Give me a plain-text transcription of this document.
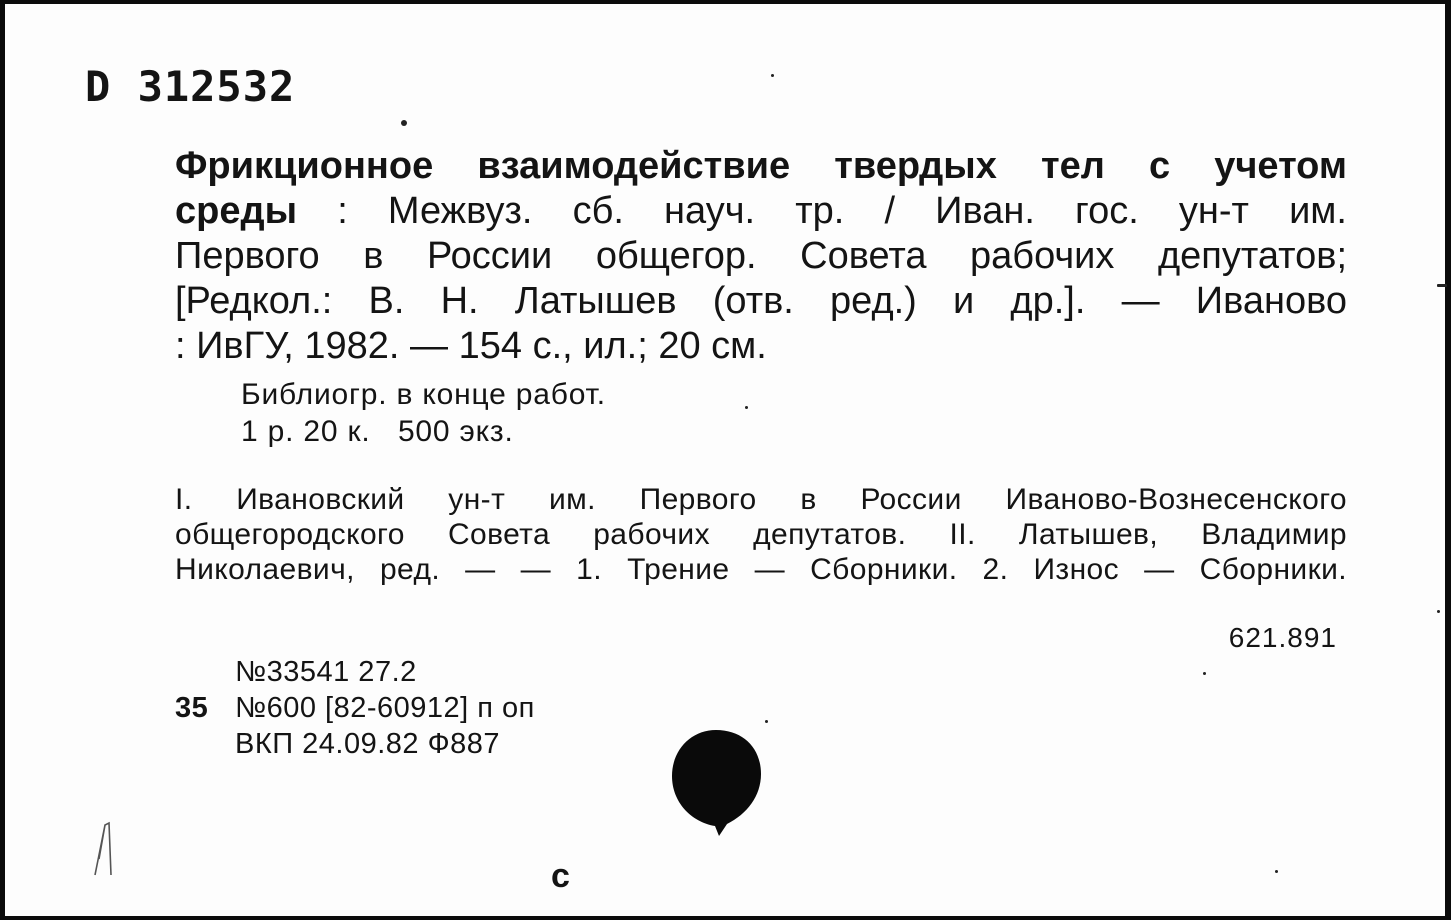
D 312532
Фрикционное взаимодействие твердых тел с учетом
среды : Межвуз. сб. науч. тр. / Иван. гос. ун-т им.
Первого в России общегор. Совета рабочих депутатов;
[Редкол.: В. Н. Латышев (отв. ред.) и др.]. — Иваново
: ИвГУ, 1982. — 154 с., ил.; 20 см.
Библиогр. в конце работ.
1 р. 20 к.   500 экз.
I. Ивановский ун-т им. Первого в России Иваново-Вознесенского
общегородского Совета рабочих депутатов. II. Латышев, Владимир
Николаевич, ред. — — 1. Трение — Сборники. 2. Износ — Сборники.
621.891
№33541 27.2
35 №600 [82-60912] п оп
ВКП 24.09.82 Ф887
с
